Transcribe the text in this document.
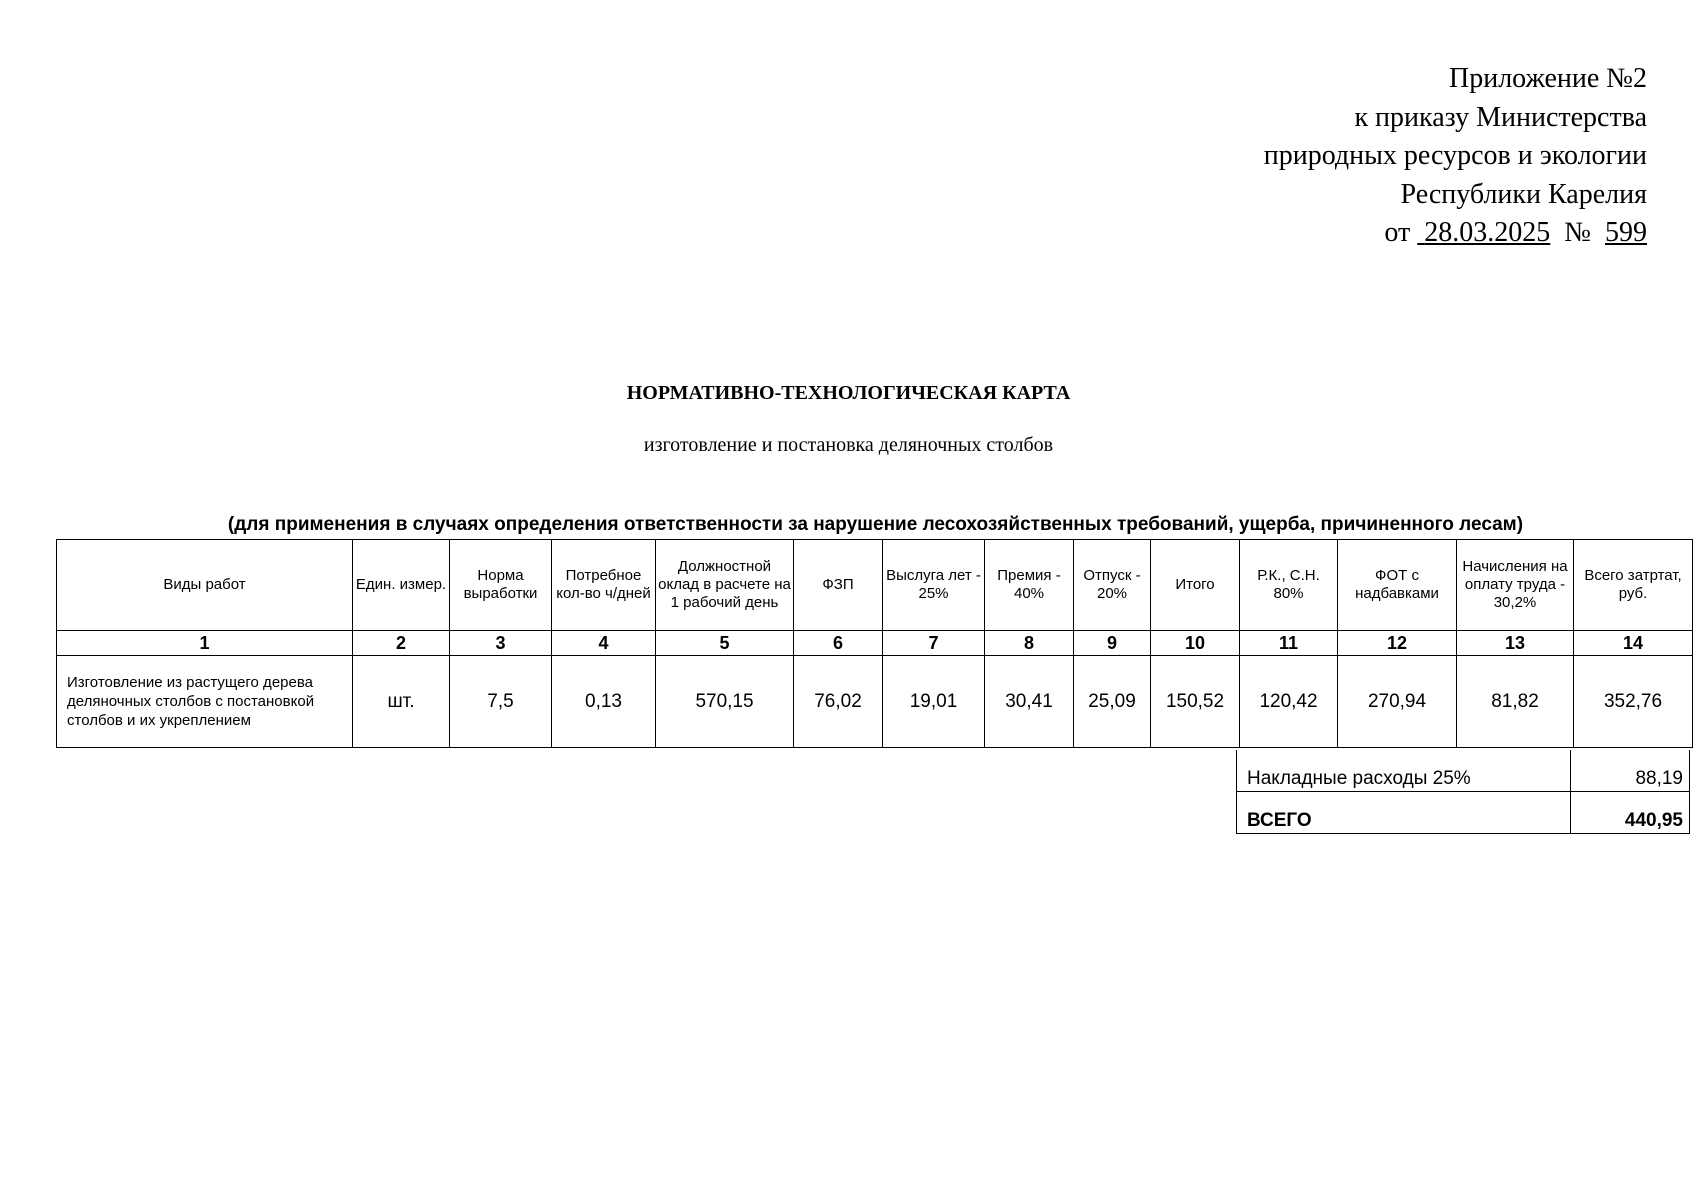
Приложение №2
к приказу Министерства
природных ресурсов и экологии
Республики Карелия
от 28.03.2025 № 599
НОРМАТИВНО-ТЕХНОЛОГИЧЕСКАЯ КАРТА
изготовление и постановка деляночных столбов
(для применения в случаях определения ответственности за нарушение лесохозяйственных требований, ущерба, причиненного лесам)
Виды работ	Един. измер.	Норма выработки	Потребное кол-во ч/дней	Должностной оклад в расчете на 1 рабочий день	ФЗП	Выслуга лет - 25%	Премия - 40%	Отпуск - 20%	Итого	Р.К., С.Н. 80%	ФОТ с надбавками	Начисления на оплату труда - 30,2%	Всего затртат, руб.
1	2	3	4	5	6	7	8	9	10	11	12	13	14
Изготовление из растущего дерева деляночных столбов с постановкой столбов и их укреплением	шт.	7,5	0,13	570,15	76,02	19,01	30,41	25,09	150,52	120,42	270,94	81,82	352,76
Накладные расходы 25%	88,19
ВСЕГО	440,95
